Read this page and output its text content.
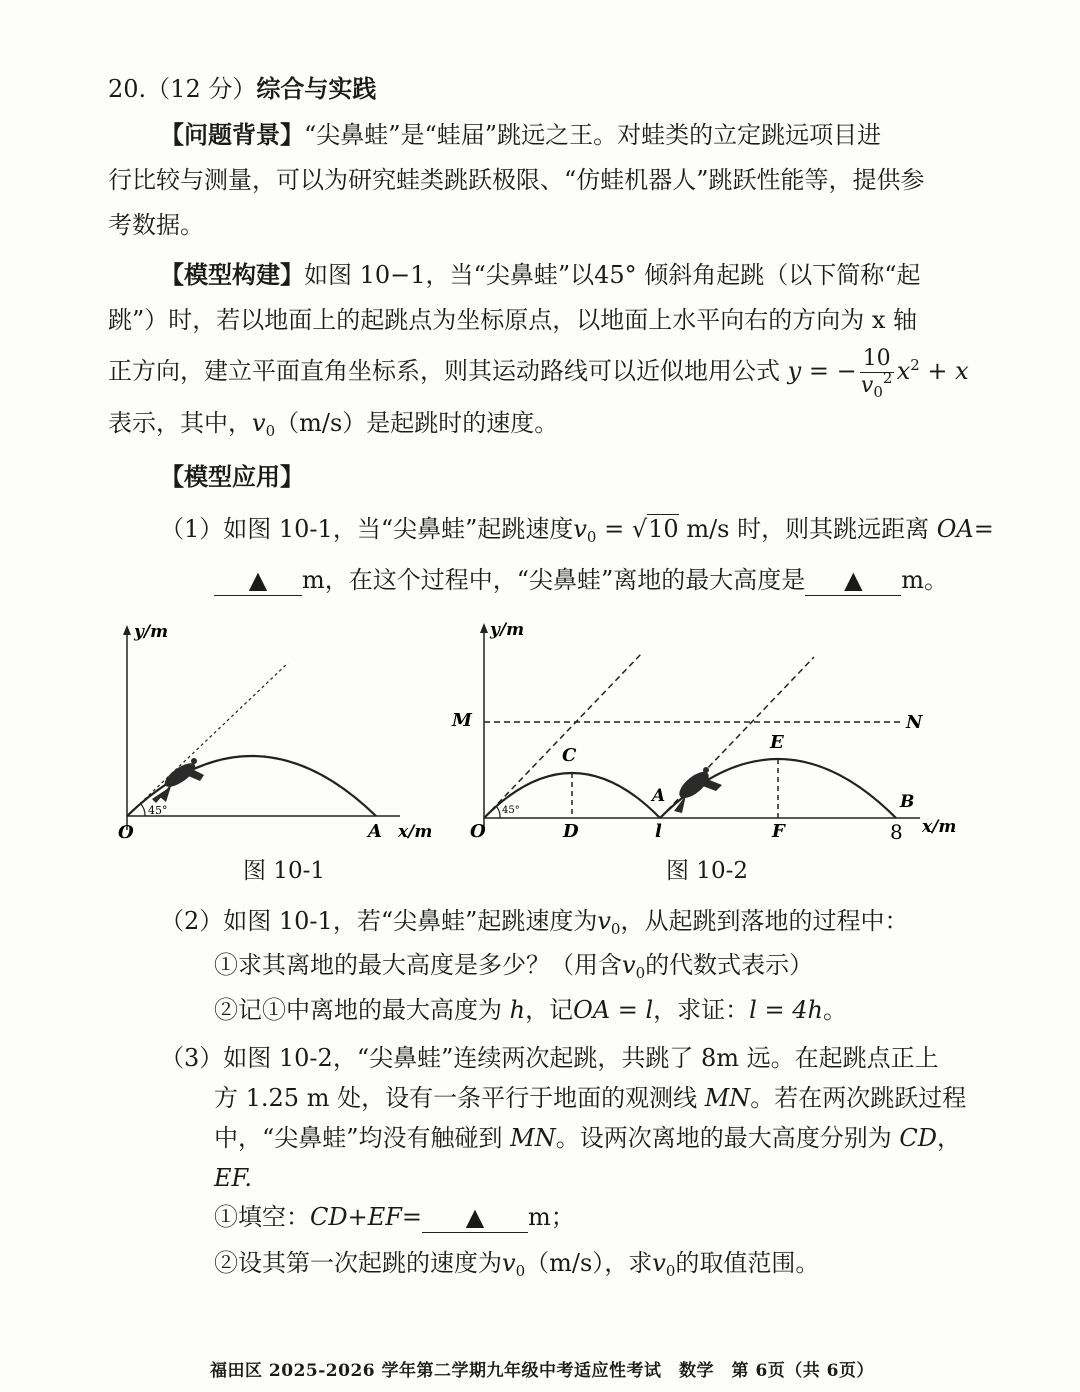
20.（12 分）综合与实践
【问题背景】“尖鼻蛙”是“蛙届”跳远之王。对蛙类的立定跳远项目进
行比较与测量，可以为研究蛙类跳跃极限、“仿蛙机器人”跳跃性能等，提供参
考数据。
【模型构建】如图 10−1，当“尖鼻蛙”以45° 倾斜角起跳（以下简称“起
跳”）时，若以地面上的起跳点为坐标原点，以地面上水平向右的方向为 x 轴
正方向，建立平面直角坐标系，则其运动路线可以近似地用公式 y = − $\frac{10}{v_0^2} x^2 + x$
表示，其中，$v_0(m/s)$是起跳时的速度。
【模型应用】
（1）如图 10-1，当“尖鼻蛙”起跳速度$v_0 = √10$ m/s 时，则其跳远距离 OA=
▲ m，在这个过程中，“尖鼻蛙”离地的最大高度是 ▲ m。
y/m
O	A x/m
45°
图 10-1
y/m
M	N
C
E
A	B
O	D	l	F	8 x/m
45°
图 10-2
（2）如图 10-1，若“尖鼻蛙”起跳速度为$v_0$，从起跳到落地的过程中：
①求其离地的最大高度是多少？（用含$v_0$的代数式表示）
②记①中离地的最大高度为 h，记OA = l，求证：l = 4h。
（3）如图 10-2，“尖鼻蛙”连续两次起跳，共跳了 8m 远。在起跳点正上
方 1.25 m 处，设有一条平行于地面的观测线 MN。若在两次跳跃过程
中，“尖鼻蛙”均没有触碰到 MN。设两次离地的最大高度分别为 CD，
EF.
①填空：CD+EF= ▲ m；
②设其第一次起跳的速度为$v_0(m/s)$，求$v_0$的取值范围。
福田区 2025-2026 学年第二学期九年级中考适应性考试　数学　第 6页（共 6页）
